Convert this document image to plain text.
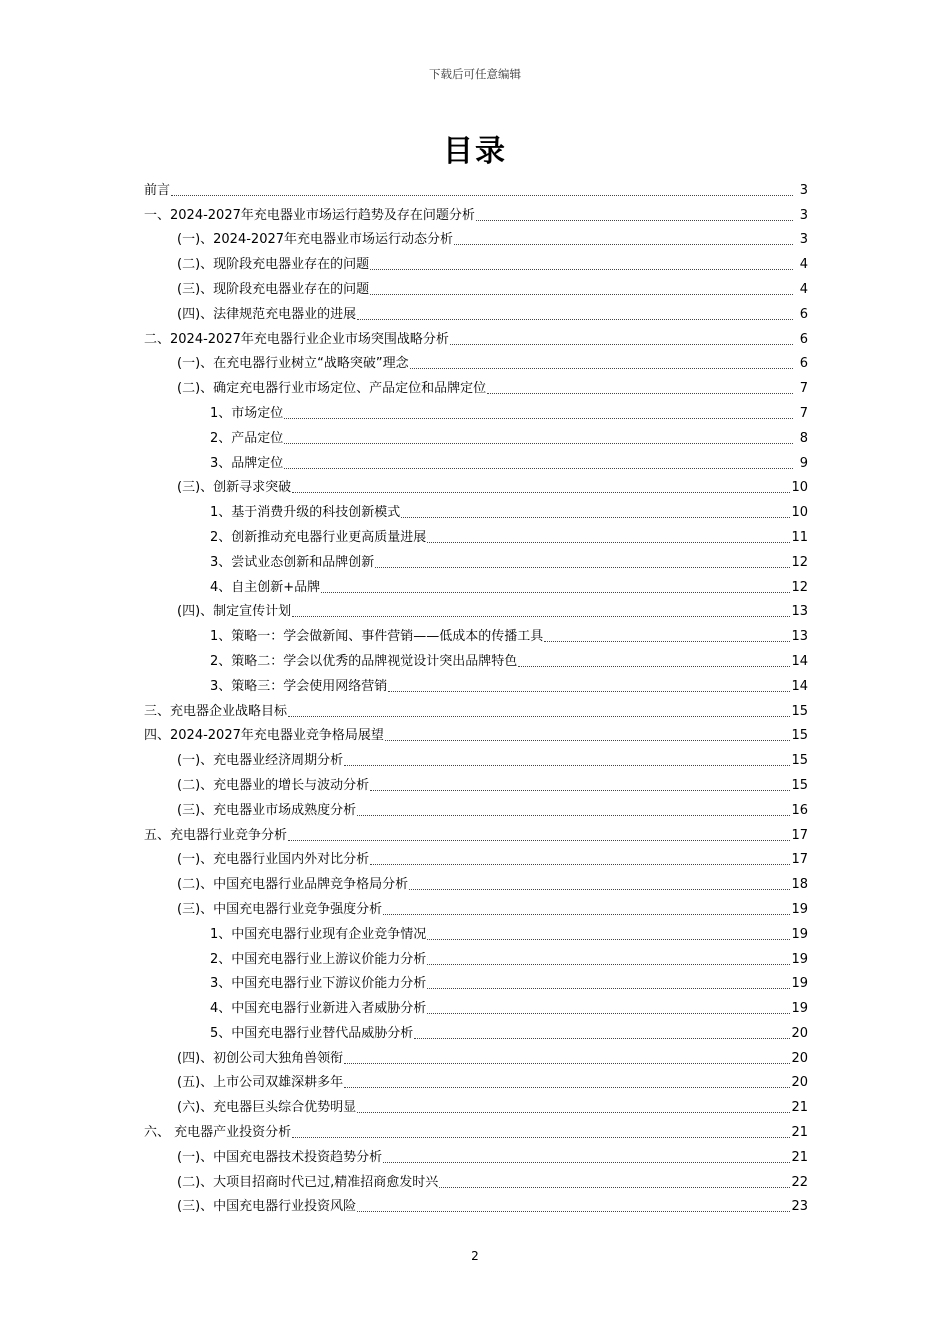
下载后可任意编辑
目录
前言	3
一、2024-2027年充电器业市场运行趋势及存在问题分析	3
(一)、2024-2027年充电器业市场运行动态分析	3
(二)、现阶段充电器业存在的问题	4
(三)、现阶段充电器业存在的问题	4
(四)、法律规范充电器业的进展	6
二、2024-2027年充电器行业企业市场突围战略分析	6
(一)、在充电器行业树立“战略突破”理念	6
(二)、确定充电器行业市场定位、产品定位和品牌定位	7
1、市场定位	7
2、产品定位	8
3、品牌定位	9
(三)、创新寻求突破	10
1、基于消费升级的科技创新模式	10
2、创新推动充电器行业更高质量进展	11
3、尝试业态创新和品牌创新	12
4、自主创新+品牌	12
(四)、制定宣传计划	13
1、策略一：学会做新闻、事件营销——低成本的传播工具	13
2、策略二：学会以优秀的品牌视觉设计突出品牌特色	14
3、策略三：学会使用网络营销	14
三、充电器企业战略目标	15
四、2024-2027年充电器业竞争格局展望	15
(一)、充电器业经济周期分析	15
(二)、充电器业的增长与波动分析	15
(三)、充电器业市场成熟度分析	16
五、充电器行业竞争分析	17
(一)、充电器行业国内外对比分析	17
(二)、中国充电器行业品牌竞争格局分析	18
(三)、中国充电器行业竞争强度分析	19
1、中国充电器行业现有企业竞争情况	19
2、中国充电器行业上游议价能力分析	19
3、中国充电器行业下游议价能力分析	19
4、中国充电器行业新进入者威胁分析	19
5、中国充电器行业替代品威胁分析	20
(四)、初创公司大独角兽领衔	20
(五)、上市公司双雄深耕多年	20
(六)、充电器巨头综合优势明显	21
六、 充电器产业投资分析	21
(一)、中国充电器技术投资趋势分析	21
(二)、大项目招商时代已过,精准招商愈发时兴	22
(三)、中国充电器行业投资风险	23
2
